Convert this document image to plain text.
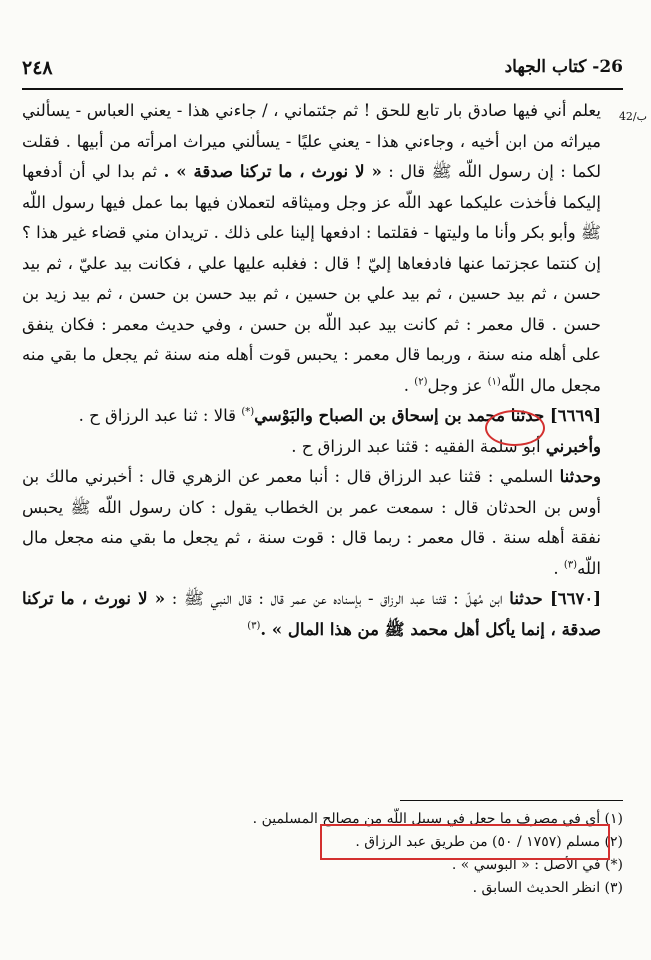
26- كتاب الجهاد
٢٤٨
42/ب

يعلم أني فيها صادق بار تابع للحق ! ثم جئتماني ، / جاءني هذا - يعني العباس - يسألني ميراثه من ابن أخيه ، وجاءني هذا - يعني عليًا - يسألني ميراث امرأته من أبيها . فقلت لكما : إن رسول اللّه ﷺ قال : « لا نورث ، ما تركنا صدقة » . ثم بدا لي أن أدفعها إليكما فأخذت عليكما عهد اللّه عز وجل وميثاقه لتعملان فيها بما عمل فيها رسول اللّه ﷺ وأبو بكر وأنا ما وليتها - فقلتما : ادفعها إلينا على ذلك . تريدان مني قضاء غير هذا ؟ إن كنتما عجزتما عنها فادفعاها إليّ ! قال : فغلبه عليها علي ، فكانت بيد عليّ ، ثم بيد حسن ، ثم بيد حسين ، ثم بيد علي بن حسين ، ثم بيد حسن بن حسن ، ثم بيد زيد بن حسن . قال معمر : ثم كانت بيد عبد اللّه بن حسن ، وفي حديث معمر : فكان ينفق على أهله منه سنة ، وربما قال معمر : يحبس قوت أهله منه سنة ثم يجعل ما بقي منه مجعل مال اللّه$^{(١)}$ عز وجل$^{(٢)}$ .

[٦٦٦٩] حدثنا محمد بن إسحاق بن الصباح والبَوْسي(*) قالا : ثنا عبد الرزاق ح .

وأخبرني أبو سلمة الفقيه : قثنا عبد الرزاق ح .

وحدثنا السلمي : قثنا عبد الرزاق قال : أنبا معمر عن الزهري قال : أخبرني مالك بن أوس بن الحدثان قال : سمعت عمر بن الخطاب يقول : كان رسول اللّه ﷺ يحبس نفقة أهله سنة . قال معمر : ربما قال : قوت سنة ، ثم يجعل ما بقي منه مجعل مال اللّه$^{(٣)}$ .

[٦٦٧٠] حدثنا ابن مُهلّ : قثنا عبد الرزاق - بإسناده عن عمر قال : قال النبي ﷺ : « لا نورث ، ما تركنا صدقة ، إنما يأكل أهل محمد ﷺ من هذا المال » .$^{(٣)}$

(١) أي في مصرف ما جعل في سبيل اللّه من مصالح المسلمين .
(٢) مسلم (١٧٥٧ / ٥٠) من طريق عبد الرزاق .
(*) في الأصل : « البوسي » .
(٣) انظر الحديث السابق .
